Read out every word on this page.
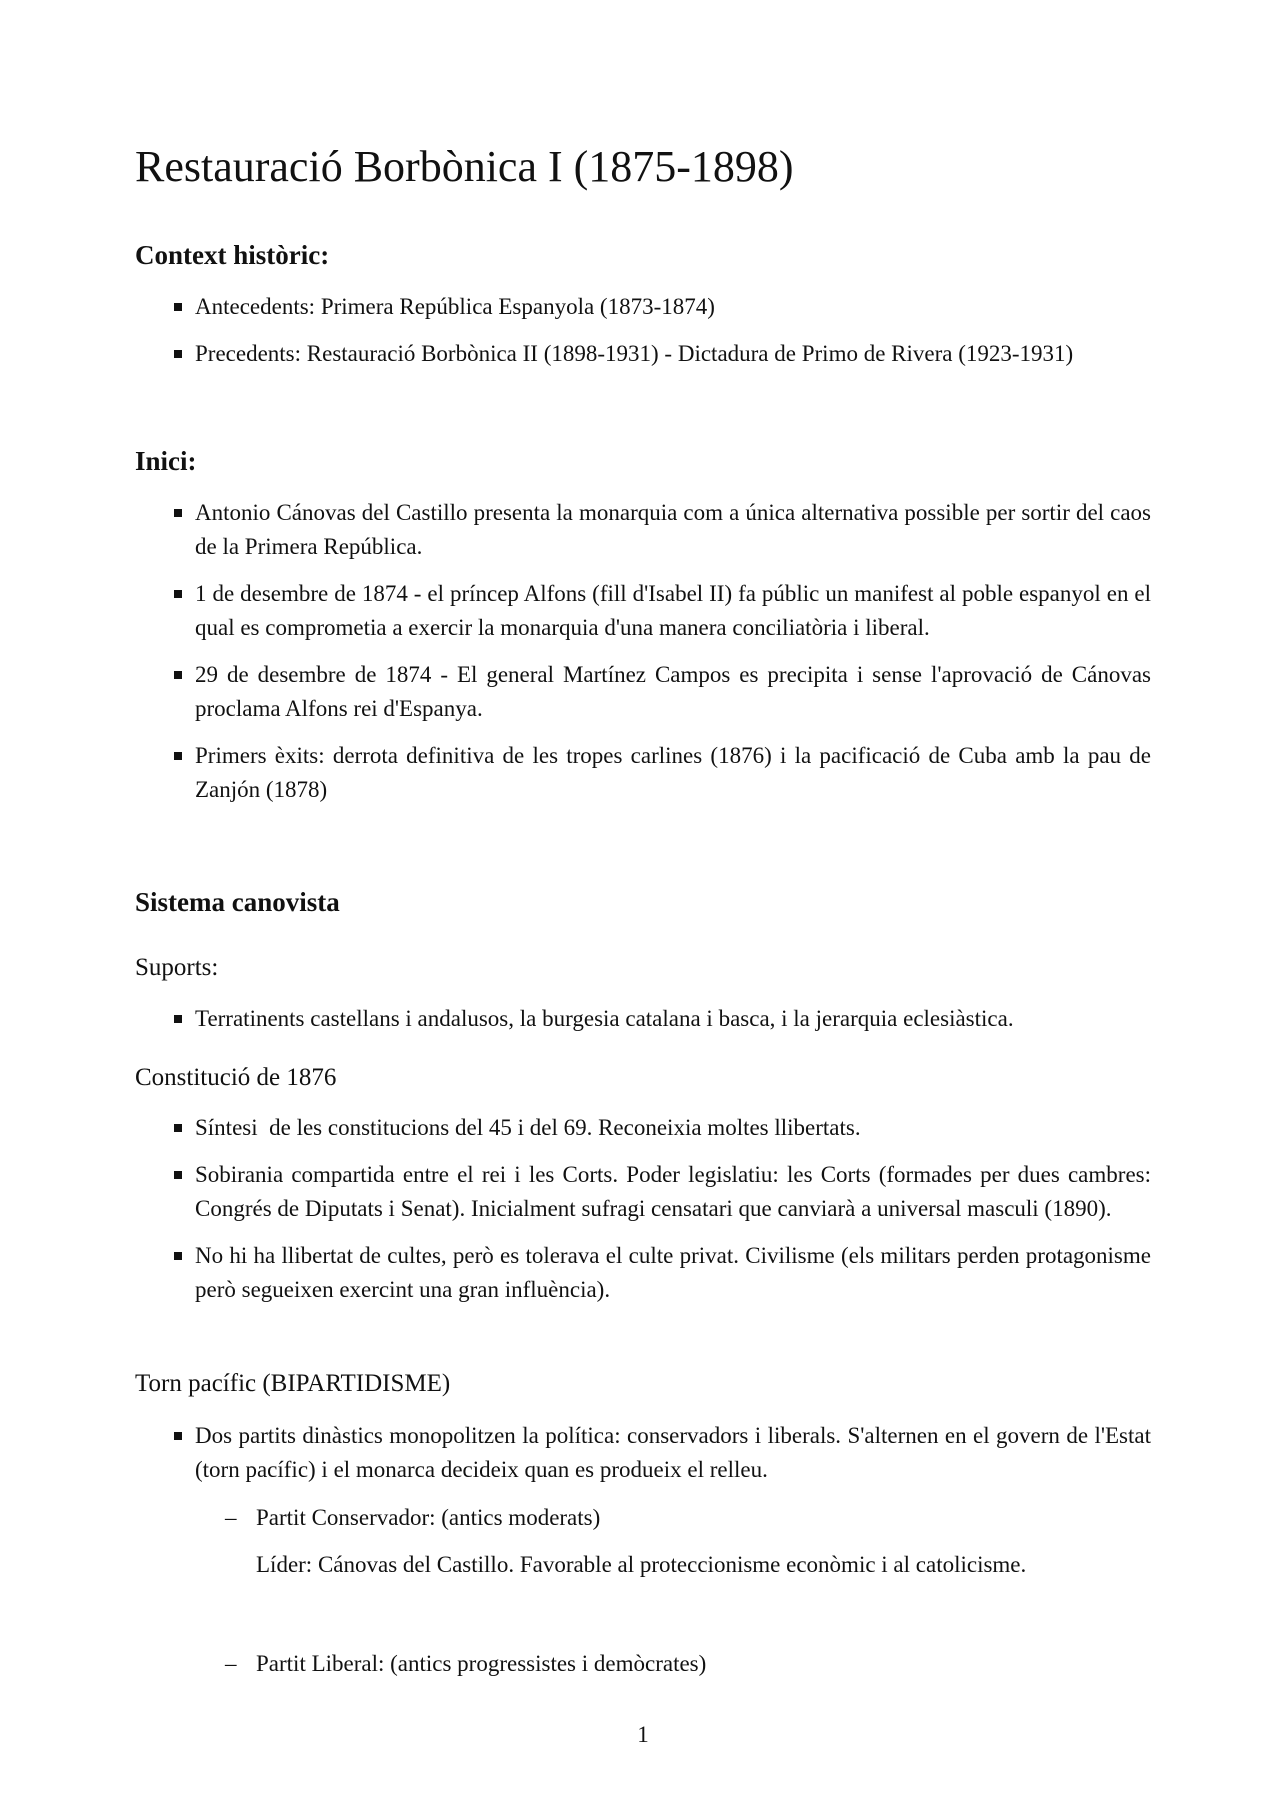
Restauració Borbònica I (1875-1898)
Context històric:
Antecedents: Primera República Espanyola (1873-1874)
Precedents: Restauració Borbònica II (1898-1931) - Dictadura de Primo de Rivera (1923-1931)
Inici:
Antonio Cánovas del Castillo presenta la monarquia com a única alternativa possible per sortir del caos de la Primera República.
1 de desembre de 1874 - el príncep Alfons (fill d'Isabel II) fa públic un manifest al poble espanyol en el qual es comprometia a exercir la monarquia d'una manera conciliatòria i liberal.
29 de desembre de 1874 - El general Martínez Campos es precipita i sense l'aprovació de Cánovas proclama Alfons rei d'Espanya.
Primers èxits: derrota definitiva de les tropes carlines (1876) i la pacificació de Cuba amb la pau de Zanjón (1878)
Sistema canovista
Suports:
Terratinents castellans i andalusos, la burgesia catalana i basca, i la jerarquia eclesiàstica.
Constitució de 1876
Síntesi  de les constitucions del 45 i del 69. Reconeixia moltes llibertats.
Sobirania compartida entre el rei i les Corts. Poder legislatiu: les Corts (formades per dues cambres: Congrés de Diputats i Senat). Inicialment sufragi censatari que canviarà a universal masculi (1890).
No hi ha llibertat de cultes, però es tolerava el culte privat. Civilisme (els militars perden protagonisme però segueixen exercint una gran influència).
Torn pacífic (BIPARTIDISME)
Dos partits dinàstics monopolitzen la política: conservadors i liberals. S'alternen en el govern de l'Estat (torn pacífic) i el monarca decideix quan es produeix el relleu.
– Partit Conservador: (antics moderats)
Líder: Cánovas del Castillo. Favorable al proteccionisme econòmic i al catolicisme.
– Partit Liberal: (antics progressistes i demòcrates)
1
